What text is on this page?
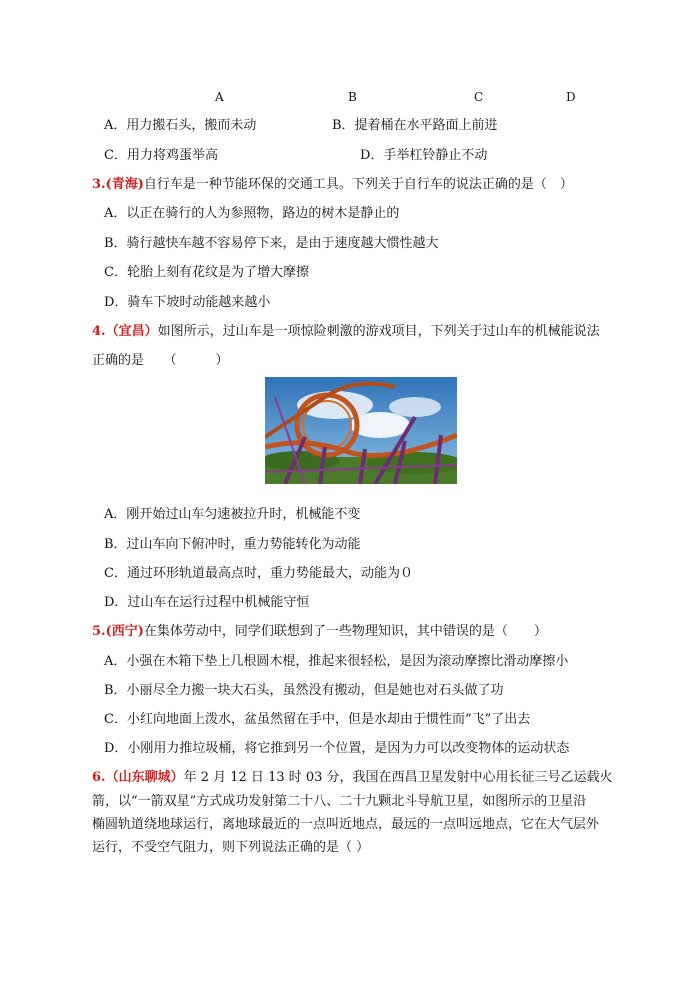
A	B	C	D
A．用力搬石头，搬而未动	B．提着桶在水平路面上前进
C．用力将鸡蛋举高	D．手举杠铃静止不动
3.(青海)自行车是一种节能环保的交通工具。下列关于自行车的说法正确的是（　）
A．以正在骑行的人为参照物，路边的树木是静止的
B．骑行越快车越不容易停下来，是由于速度越大惯性越大
C．轮胎上刻有花纹是为了增大摩擦
D．骑车下坡时动能越来越小
4.（宜昌）如图所示，过山车是一项惊险刺激的游戏项目，下列关于过山车的机械能说法
正确的是　　（　　　）
A．刚开始过山车匀速被拉升时，机械能不变
B．过山车向下俯冲时，重力势能转化为动能
C．通过环形轨道最高点时，重力势能最大，动能为０
D．过山车在运行过程中机械能守恒
5.(西宁)在集体劳动中，同学们联想到了一些物理知识，其中错误的是（　　）
A．小强在木箱下垫上几根圆木棍，推起来很轻松，是因为滚动摩擦比滑动摩擦小
B．小丽尽全力搬一块大石头，虽然没有搬动，但是她也对石头做了功
C．小红向地面上泼水，盆虽然留在手中，但是水却由于惯性而“飞”了出去
D．小刚用力推垃圾桶，将它推到另一个位置，是因为力可以改变物体的运动状态
6.（山东聊城）年 2 月 12 日 13 时 03 分，我国在西昌卫星发射中心用长征三号乙运载火
箭，以“一箭双星”方式成功发射第二十八、二十九颗北斗导航卫星，如图所示的卫星沿
椭圆轨道绕地球运行，离地球最近的一点叫近地点，最远的一点叫远地点，它在大气层外
运行，不受空气阻力，则下列说法正确的是（ ）
